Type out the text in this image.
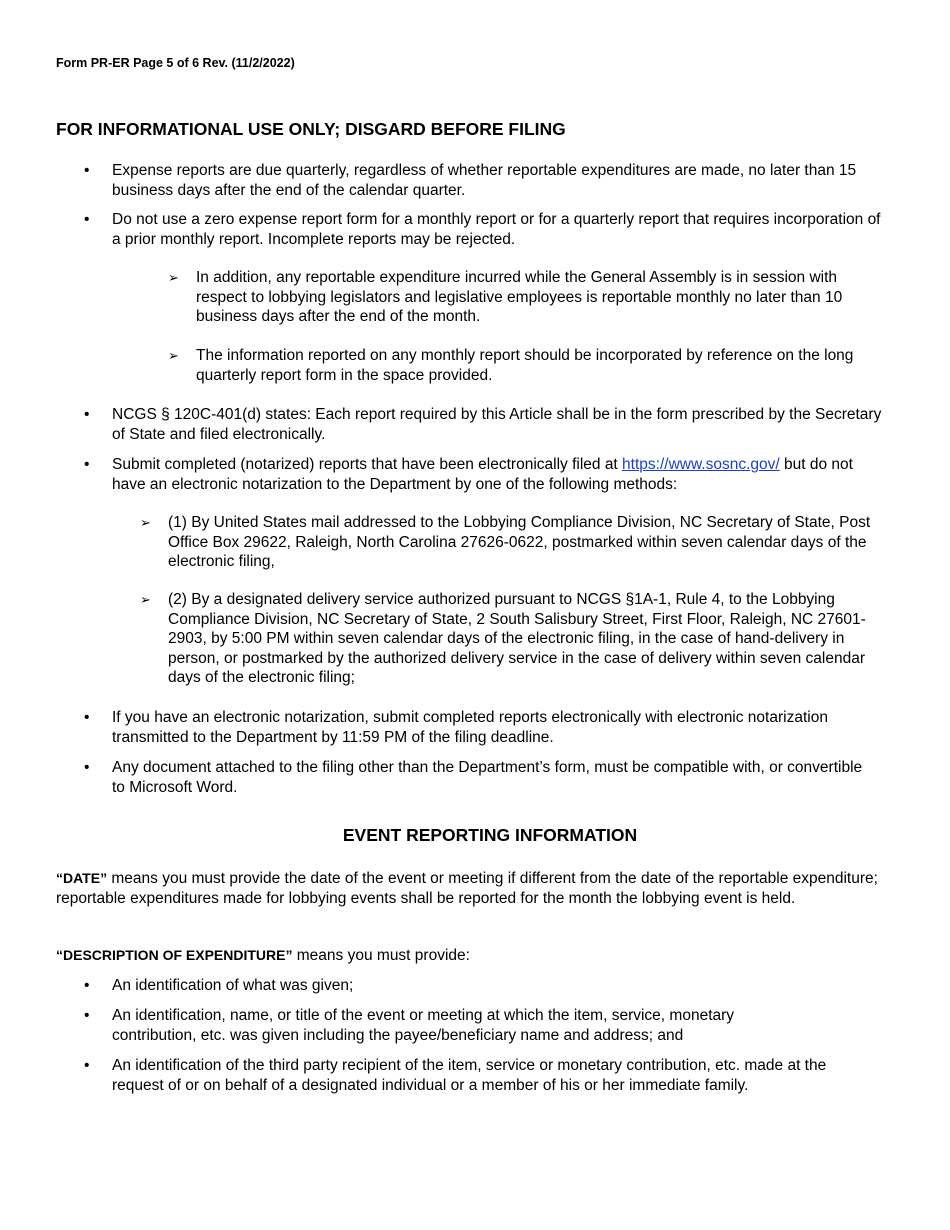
Form PR-ER Page 5 of 6 Rev. (11/2/2022)
FOR INFORMATIONAL USE ONLY; DISGARD BEFORE FILING
• Expense reports are due quarterly, regardless of whether reportable expenditures are made, no later than 15 business days after the end of the calendar quarter.
• Do not use a zero expense report form for a monthly report or for a quarterly report that requires incorporation of a prior monthly report. Incomplete reports may be rejected.
➢ In addition, any reportable expenditure incurred while the General Assembly is in session with respect to lobbying legislators and legislative employees is reportable monthly no later than 10 business days after the end of the month.
➢ The information reported on any monthly report should be incorporated by reference on the long quarterly report form in the space provided.
• NCGS § 120C-401(d) states: Each report required by this Article shall be in the form prescribed by the Secretary of State and filed electronically.
• Submit completed (notarized) reports that have been electronically filed at https://www.sosnc.gov/ but do not have an electronic notarization to the Department by one of the following methods:
➢ (1) By United States mail addressed to the Lobbying Compliance Division, NC Secretary of State, Post Office Box 29622, Raleigh, North Carolina 27626-0622, postmarked within seven calendar days of the electronic filing,
➢ (2) By a designated delivery service authorized pursuant to NCGS §1A-1, Rule 4, to the Lobbying Compliance Division, NC Secretary of State, 2 South Salisbury Street, First Floor, Raleigh, NC 27601-2903, by 5:00 PM within seven calendar days of the electronic filing, in the case of hand-delivery in person, or postmarked by the authorized delivery service in the case of delivery within seven calendar days of the electronic filing;
• If you have an electronic notarization, submit completed reports electronically with electronic notarization transmitted to the Department by 11:59 PM of the filing deadline.
• Any document attached to the filing other than the Department’s form, must be compatible with, or convertible to Microsoft Word.
EVENT REPORTING INFORMATION
“DATE” means you must provide the date of the event or meeting if different from the date of the reportable expenditure; reportable expenditures made for lobbying events shall be reported for the month the lobbying event is held.
“DESCRIPTION OF EXPENDITURE” means you must provide:
• An identification of what was given;
• An identification, name, or title of the event or meeting at which the item, service, monetary contribution, etc. was given including the payee/beneficiary name and address; and
• An identification of the third party recipient of the item, service or monetary contribution, etc. made at the request of or on behalf of a designated individual or a member of his or her immediate family.
